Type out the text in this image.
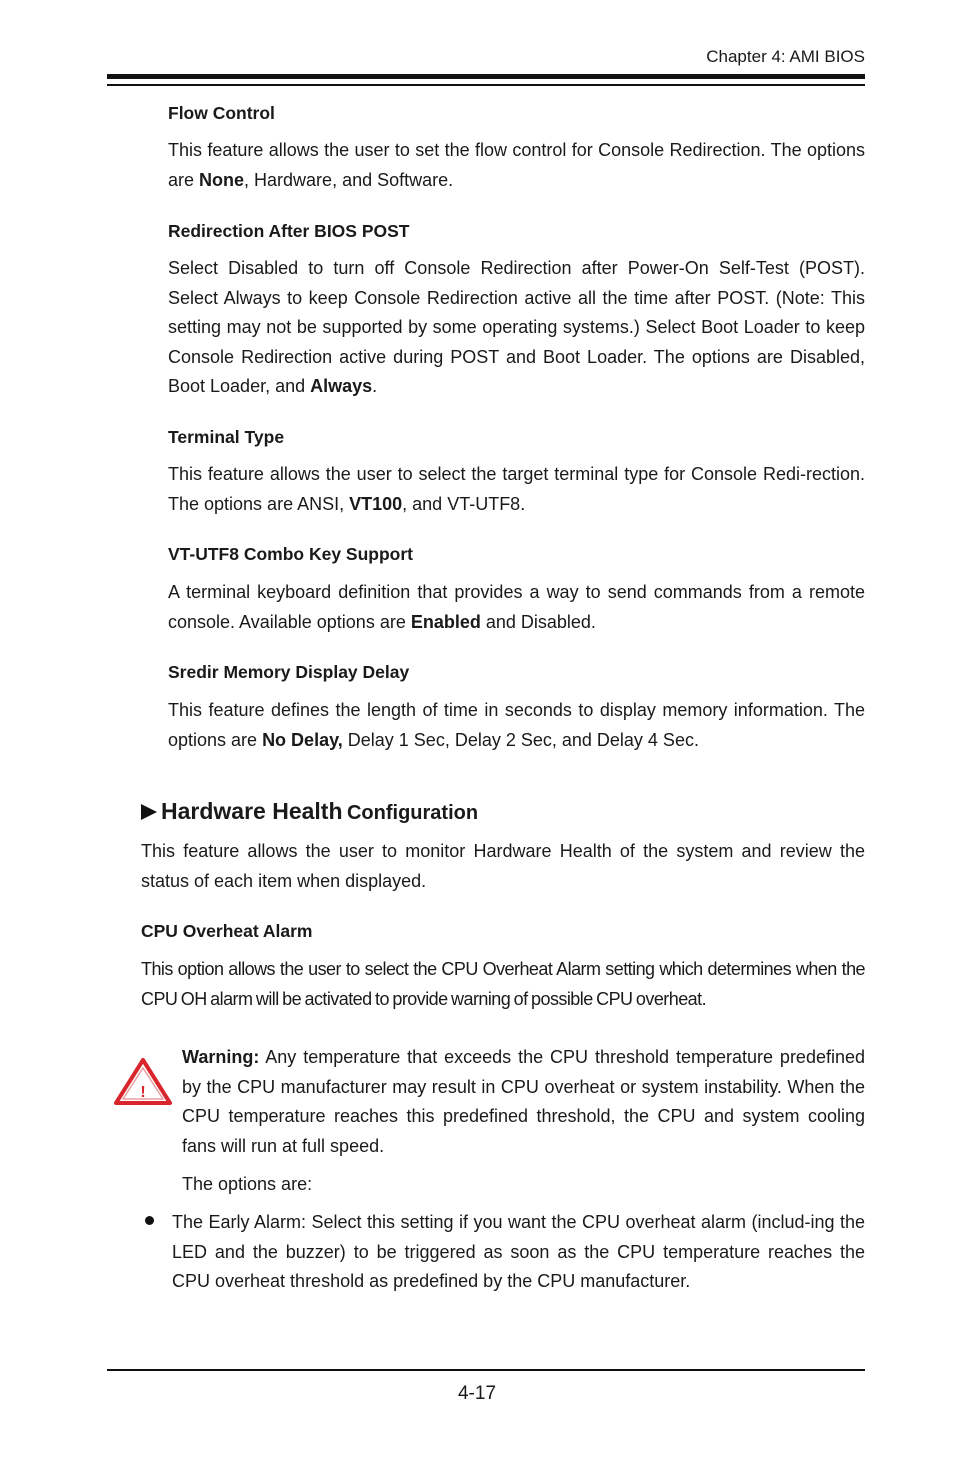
Chapter 4: AMI BIOS

Flow Control

This feature allows the user to set the flow control for Console Redirection. The options are None, Hardware, and Software.

Redirection After BIOS POST

Select Disabled to turn off Console Redirection after Power-On Self-Test (POST). Select Always to keep Console Redirection active all the time after POST. (Note: This setting may not be supported by some operating systems.) Select Boot Loader to keep Console Redirection active during POST and Boot Loader. The options are Disabled, Boot Loader, and Always.

Terminal Type

This feature allows the user to select the target terminal type for Console Redi-rection. The options are ANSI, VT100, and VT-UTF8.

VT-UTF8 Combo Key Support

A terminal keyboard definition that provides a way to send commands from a remote console. Available options are Enabled and Disabled.

Sredir Memory Display Delay

This feature defines the length of time in seconds to display memory information. The options are No Delay, Delay 1 Sec, Delay 2 Sec, and Delay 4 Sec.

Hardware Health Configuration

This feature allows the user to monitor Hardware Health of the system and review the status of each item when displayed.

CPU Overheat Alarm

This option allows the user to select the CPU Overheat Alarm setting which determines when the CPU OH alarm will be activated to provide warning of possible CPU overheat.

!

Warning: Any temperature that exceeds the CPU threshold temperature predefined by the CPU manufacturer may result in CPU overheat or system instability. When the CPU temperature reaches this predefined threshold, the CPU and system cooling fans will run at full speed.

The options are:

The Early Alarm: Select this setting if you want the CPU overheat alarm (includ-ing the LED and the buzzer) to be triggered as soon as the CPU temperature reaches the CPU overheat threshold as predefined by the CPU manufacturer.

4-17
